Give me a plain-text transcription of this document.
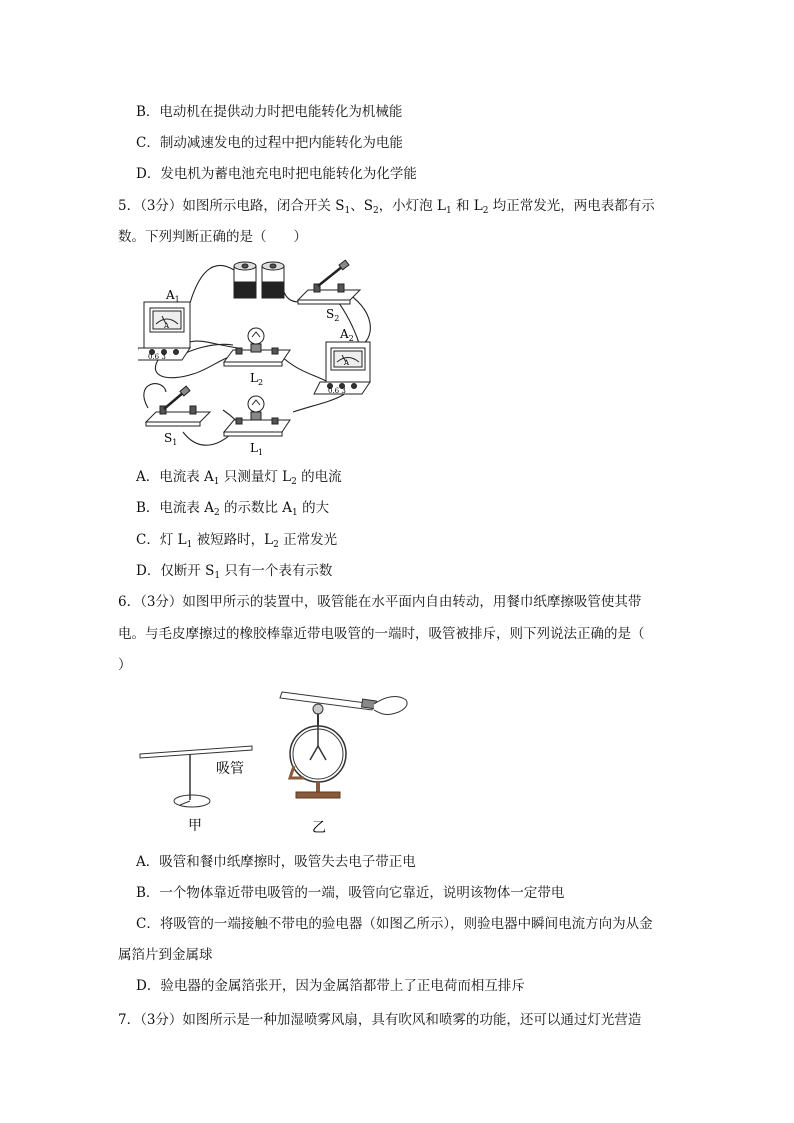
B．电动机在提供动力时把电能转化为机械能
C．制动减速发电的过程中把内能转化为电能
D．发电机为蓄电池充电时把电能转化为化学能
5．（3分）如图所示电路，闭合开关 $S_1$、$S_2$，小灯泡 $L_1$ 和 $L_2$ 均正常发光，两电表都有示
数。下列判断正确的是（　　）
$S_2$
A
0.6 3
$A_1$
$L_2$
A
0.6 3
$A_2$
$S_1$	$L_1$
A．电流表 $A_1$ 只测量灯 $L_2$ 的电流
B．电流表 $A_2$ 的示数比 $A_1$ 的大
C．灯 $L_1$ 被短路时，$L_2$ 正常发光
D．仅断开 $S_1$ 只有一个表有示数
6．（3分）如图甲所示的装置中，吸管能在水平面内自由转动，用餐巾纸摩擦吸管使其带
电。与毛皮摩擦过的橡胶棒靠近带电吸管的一端时，吸管被排斥，则下列说法正确的是（
）
吸管
甲	乙
A．吸管和餐巾纸摩擦时，吸管失去电子带正电
B．一个物体靠近带电吸管的一端，吸管向它靠近，说明该物体一定带电
C．将吸管的一端接触不带电的验电器（如图乙所示），则验电器中瞬间电流方向为从金
属箔片到金属球
D．验电器的金属箔张开，因为金属箔都带上了正电荷而相互排斥
7．（3分）如图所示是一种加湿喷雾风扇，具有吹风和喷雾的功能，还可以通过灯光营造
